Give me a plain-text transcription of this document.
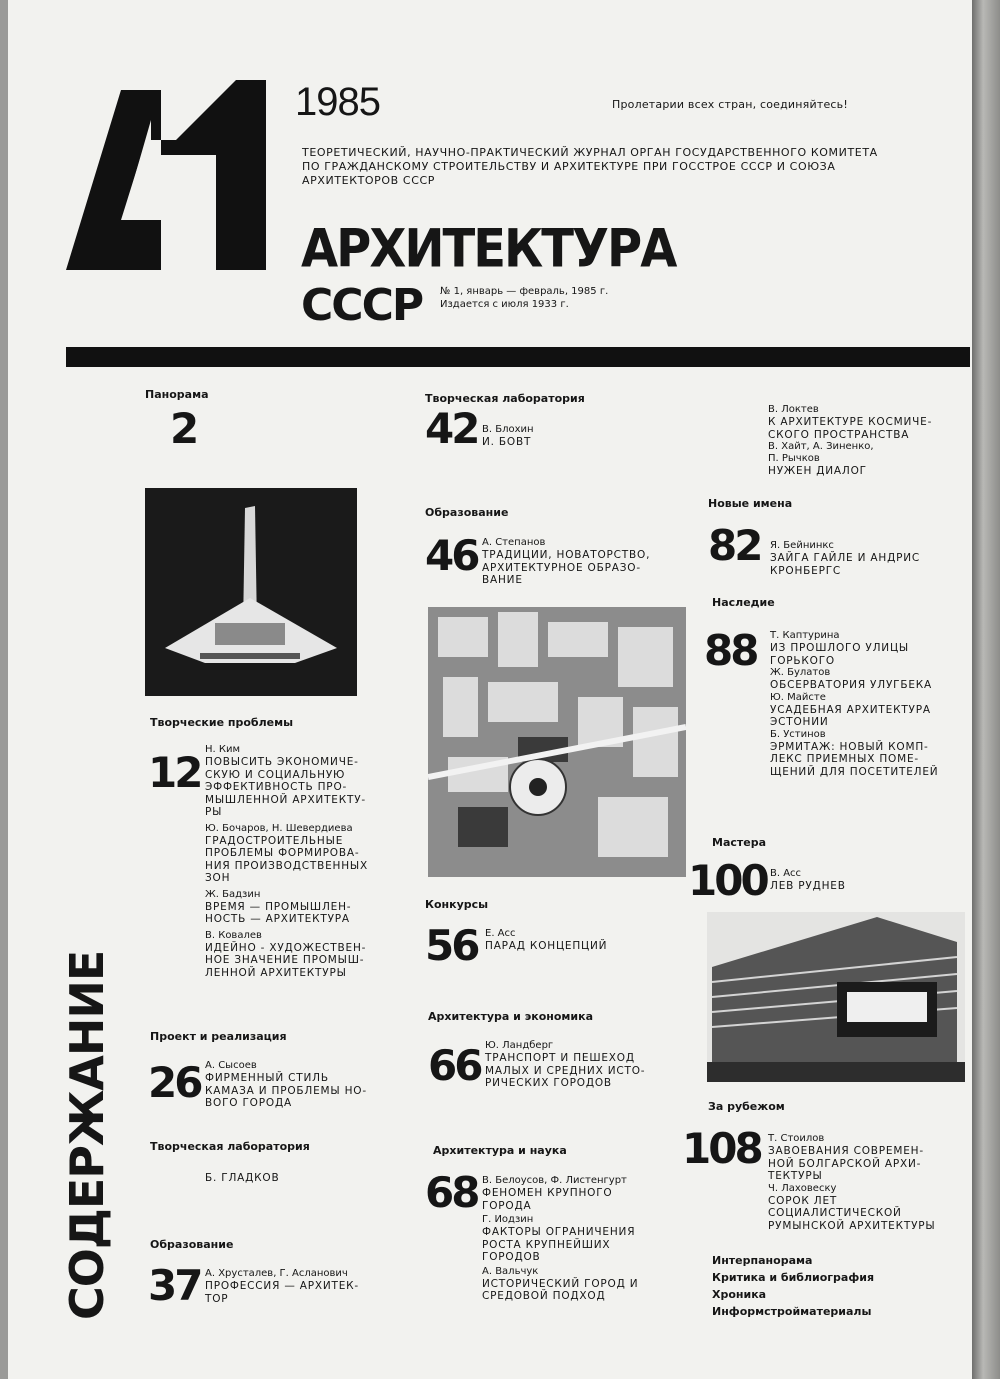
Пролетарии всех стран, соединяйтесь!
1985
ТЕОРЕТИЧЕСКИЙ, НАУЧНО-ПРАКТИЧЕСКИЙ ЖУРНАЛ ОРГАН ГОСУДАРСТВЕННОГО КОМИТЕТА ПО ГРАЖДАНСКОМУ СТРОИТЕЛЬСТВУ И АРХИТЕКТУРЕ ПРИ ГОССТРОЕ СССР И СОЮЗА АРХИТЕКТОРОВ СССР
АРХИТЕКТУРА
СССР № 1, январь — февраль, 1985 г.
Издается с июля 1933 г.
СОДЕРЖАНИЕ
Панорама
2
Творческие проблемы
12 Н. Ким
ПОВЫСИТЬ ЭКОНОМИЧЕ-
СКУЮ И СОЦИАЛЬНУЮ
ЭФФЕКТИВНОСТЬ ПРО-
МЫШЛЕННОЙ АРХИТЕКТУ-
РЫ
Ю. Бочаров, Н. Шевердиева
ГРАДОСТРОИТЕЛЬНЫЕ
ПРОБЛЕМЫ ФОРМИРОВА-
НИЯ ПРОИЗВОДСТВЕННЫХ
ЗОН
Ж. Бадзин
ВРЕМЯ — ПРОМЫШЛЕН-
НОСТЬ — АРХИТЕКТУРА
В. Ковалев
ИДЕЙНО - ХУДОЖЕСТВЕН-
НОЕ ЗНАЧЕНИЕ ПРОМЫШ-
ЛЕННОЙ АРХИТЕКТУРЫ
Проект и реализация
26 А. Сысоев
ФИРМЕННЫЙ СТИЛЬ
КАМАЗА И ПРОБЛЕМЫ НО-
ВОГО ГОРОДА
Творческая лаборатория
Б. ГЛАДКОВ
Образование
37 А. Хрусталев, Г. Асланович
ПРОФЕССИЯ — АРХИТЕК-
ТОР
Творческая лаборатория
42 В. Блохин
И. БОВТ
Образование
46 А. Степанов
ТРАДИЦИИ, НОВАТОРСТВО,
АРХИТЕКТУРНОЕ ОБРАЗО-
ВАНИЕ
Конкурсы
56 Е. Асс
ПАРАД КОНЦЕПЦИЙ
Архитектура и экономика
66 Ю. Ландберг
ТРАНСПОРТ И ПЕШЕХОД
МАЛЫХ И СРЕДНИХ ИСТО-
РИЧЕСКИХ ГОРОДОВ
Архитектура и наука
68 В. Белоусов, Ф. Листенгурт
ФЕНОМЕН КРУПНОГО
ГОРОДА
Г. Иодзин
ФАКТОРЫ ОГРАНИЧЕНИЯ
РОСТА КРУПНЕЙШИХ
ГОРОДОВ
А. Вальчук
ИСТОРИЧЕСКИЙ ГОРОД И
СРЕДОВОЙ ПОДХОД
В. Локтев
К АРХИТЕКТУРЕ КОСМИЧЕ-
СКОГО ПРОСТРАНСТВА
В. Хайт, А. Зиненко,
П. Рычков
НУЖЕН ДИАЛОГ
Новые имена
82 Я. Бейнинкс
ЗАЙГА ГАЙЛЕ И АНДРИС
КРОНБЕРГС
Наследие
88 Т. Каптурина
ИЗ ПРОШЛОГО УЛИЦЫ
ГОРЬКОГО
Ж. Булатов
ОБСЕРВАТОРИЯ УЛУГБЕКА
Ю. Майсте
УСАДЕБНАЯ АРХИТЕКТУРА
ЭСТОНИИ
Б. Устинов
ЭРМИТАЖ: НОВЫЙ КОМП-
ЛЕКС ПРИЕМНЫХ ПОМЕ-
ЩЕНИЙ ДЛЯ ПОСЕТИТЕЛЕЙ
Мастера
100 В. Асс
ЛЕВ РУДНЕВ
За рубежом
108 Т. Стоилов
ЗАВОЕВАНИЯ СОВРЕМЕН-
НОЙ БОЛГАРСКОЙ АРХИ-
ТЕКТУРЫ
Ч. Лаховеску
СОРОК ЛЕТ
СОЦИАЛИСТИЧЕСКОЙ
РУМЫНСКОЙ АРХИТЕКТУРЫ
Интерпанорама
Критика и библиография
Хроника
Информстройматериалы
